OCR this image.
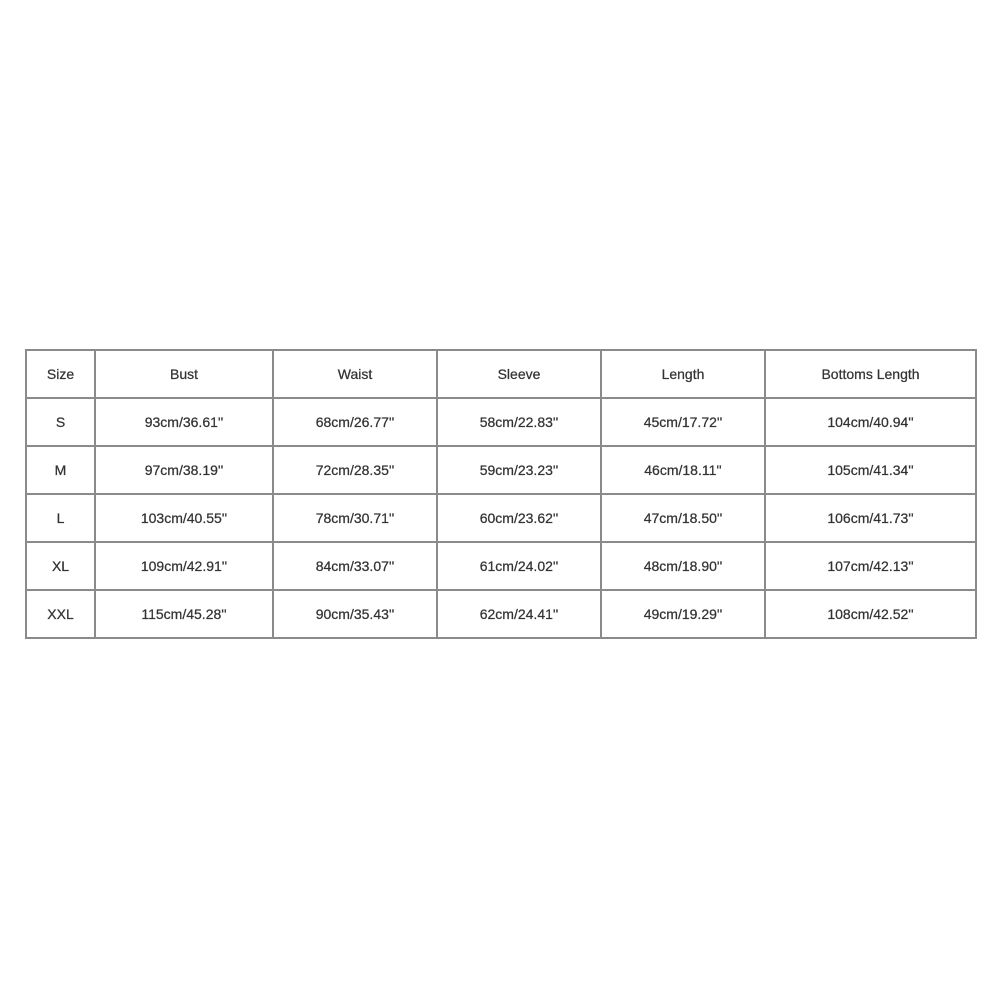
Size	Bust	Waist	Sleeve	Length	Bottoms Length
S	93cm/36.61''	68cm/26.77''	58cm/22.83''	45cm/17.72''	104cm/40.94''
M	97cm/38.19''	72cm/28.35''	59cm/23.23''	46cm/18.11''	105cm/41.34''
L	103cm/40.55''	78cm/30.71''	60cm/23.62''	47cm/18.50''	106cm/41.73''
XL	109cm/42.91''	84cm/33.07''	61cm/24.02''	48cm/18.90''	107cm/42.13''
XXL	115cm/45.28''	90cm/35.43''	62cm/24.41''	49cm/19.29''	108cm/42.52''
